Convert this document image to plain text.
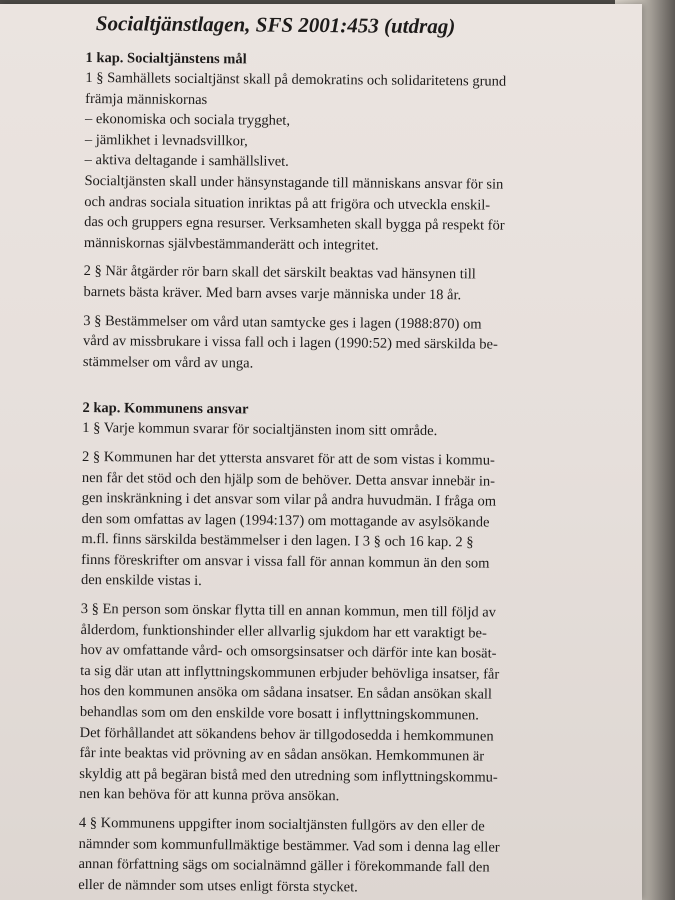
Socialtjänstlagen, SFS 2001:453 (utdrag)
1 kap. Socialtjänstens mål
1 § Samhällets socialtjänst skall på demokratins och solidaritetens grund
främja människornas
– ekonomiska och sociala trygghet,
– jämlikhet i levnadsvillkor,
– aktiva deltagande i samhällslivet.
Socialtjänsten skall under hänsynstagande till människans ansvar för sin
och andras sociala situation inriktas på att frigöra och utveckla enskil-
das och gruppers egna resurser. Verksamheten skall bygga på respekt för
människornas självbestämmanderätt och integritet.
2 § När åtgärder rör barn skall det särskilt beaktas vad hänsynen till
barnets bästa kräver. Med barn avses varje människa under 18 år.
3 § Bestämmelser om vård utan samtycke ges i lagen (1988:870) om
vård av missbrukare i vissa fall och i lagen (1990:52) med särskilda be-
stämmelser om vård av unga.
2 kap. Kommunens ansvar
1 § Varje kommun svarar för socialtjänsten inom sitt område.
2 § Kommunen har det yttersta ansvaret för att de som vistas i kommu-
nen får det stöd och den hjälp som de behöver. Detta ansvar innebär in-
gen inskränkning i det ansvar som vilar på andra huvudmän. I fråga om
den som omfattas av lagen (1994:137) om mottagande av asylsökande
m.fl. finns särskilda bestämmelser i den lagen. I 3 § och 16 kap. 2 §
finns föreskrifter om ansvar i vissa fall för annan kommun än den som
den enskilde vistas i.
3 § En person som önskar flytta till en annan kommun, men till följd av
ålderdom, funktionshinder eller allvarlig sjukdom har ett varaktigt be-
hov av omfattande vård- och omsorgsinsatser och därför inte kan bosät-
ta sig där utan att inflyttningskommunen erbjuder behövliga insatser, får
hos den kommunen ansöka om sådana insatser. En sådan ansökan skall
behandlas som om den enskilde vore bosatt i inflyttningskommunen.
Det förhållandet att sökandens behov är tillgodosedda i hemkommunen
får inte beaktas vid prövning av en sådan ansökan. Hemkommunen är
skyldig att på begäran bistå med den utredning som inflyttningskommu-
nen kan behöva för att kunna pröva ansökan.
4 § Kommunens uppgifter inom socialtjänsten fullgörs av den eller de
nämnder som kommunfullmäktige bestämmer. Vad som i denna lag eller
annan författning sägs om socialnämnd gäller i förekommande fall den
eller de nämnder som utses enligt första stycket.
